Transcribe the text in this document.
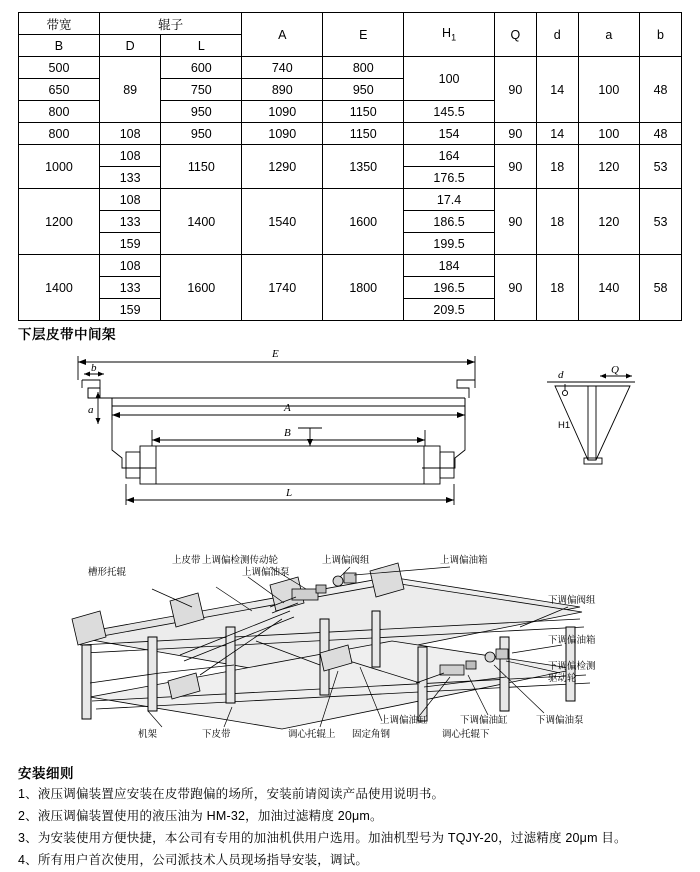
带宽	辊子		A	E	$H_1$	Q	d	a	b
B	D	L							
500	89	600	740	800	100	90	14	100	48
650		750	890	950					
800		950	1090	1150	145.5				
800	108	950	1090	1150	154	90	14	100	48
1000	108	1150	1290	1350	164	90	18	120	53
	133				176.5				
1200	108	1400	1540	1600	17.4	90	18	120	53
	133				186.5				
	159				199.5				
1400	108	1600	1740	1800	184	90	18	140	58
	133				196.5				
	159				209.5				
下层皮带中间架
E
A
B
L
b
a
d	Q
H1
上调偏检测传动轮	上调偏阀组	上调偏油箱
上调偏油泵
上皮带
槽形托辊
下调偏阀组
下调偏油箱
下调偏检测
驱动轮
机架	下皮带	调心托辊上 固定角钢
上调偏油缸	下调偏油缸
调心托辊下
下调偏油泵
安装细则
1、液压调偏装置应安装在皮带跑偏的场所，安装前请阅读产品使用说明书。
2、液压调偏装置使用的液压油为 HM-32，加油过滤精度 20μm。
3、为安装使用方便快捷，本公司有专用的加油机供用户选用。加油机型号为 TQJY-20，过滤精度 20μm 目。
4、所有用户首次使用，公司派技术人员现场指导安装，调试。
